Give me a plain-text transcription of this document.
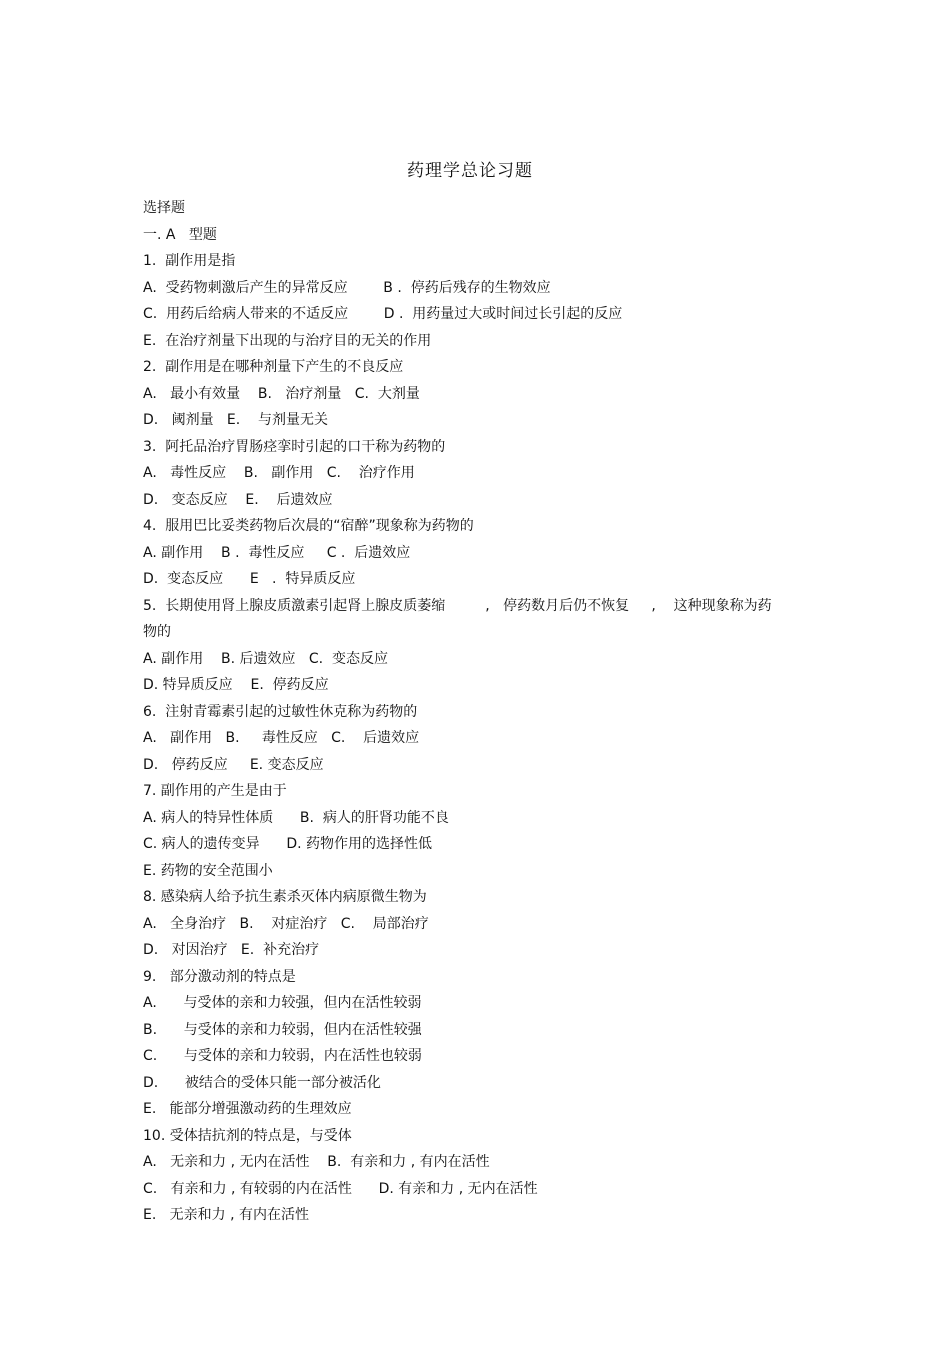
药理学总论习题
选择题
一. A   型题
1.  副作用是指
A.  受药物刺激后产生的异常反应        B .  停药后残存的生物效应
C.  用药后给病人带来的不适反应        D .  用药量过大或时间过长引起的反应
E.  在治疗剂量下出现的与治疗目的无关的作用
2.  副作用是在哪种剂量下产生的不良反应
A.   最小有效量    B.   治疗剂量   C.  大剂量
D.   阈剂量   E.    与剂量无关
3.  阿托品治疗胃肠痉挛时引起的口干称为药物的
A.   毒性反应    B.   副作用   C.    治疗作用
D.   变态反应    E.    后遗效应
4.  服用巴比妥类药物后次晨的“宿醉”现象称为药物的
A. 副作用    B .  毒性反应     C .  后遗效应
D.  变态反应      E   .  特异质反应
5.  长期使用肾上腺皮质激素引起肾上腺皮质萎缩         ,   停药数月后仍不恢复     ,    这种现象称为药
物的
A. 副作用    B. 后遗效应   C.  变态反应
D. 特异质反应    E.  停药反应
6.  注射青霉素引起的过敏性休克称为药物的
A.   副作用   B.     毒性反应   C.    后遗效应
D.   停药反应     E. 变态反应
7. 副作用的产生是由于
A. 病人的特异性体质      B.  病人的肝肾功能不良
C. 病人的遗传变异      D. 药物作用的选择性低
E. 药物的安全范围小
8. 感染病人给予抗生素杀灭体内病原微生物为
A.   全身治疗   B.    对症治疗   C.    局部治疗
D.   对因治疗   E.  补充治疗
9.   部分激动剂的特点是
A.      与受体的亲和力较强，但内在活性较弱
B.      与受体的亲和力较弱，但内在活性较强
C.      与受体的亲和力较弱，内在活性也较弱
D.      被结合的受体只能一部分被活化
E.   能部分增强激动药的生理效应
10. 受体拮抗剂的特点是，与受体
A.   无亲和力 , 无内在活性    B.  有亲和力 , 有内在活性
C.   有亲和力 , 有较弱的内在活性      D. 有亲和力 , 无内在活性
E.   无亲和力 , 有内在活性
